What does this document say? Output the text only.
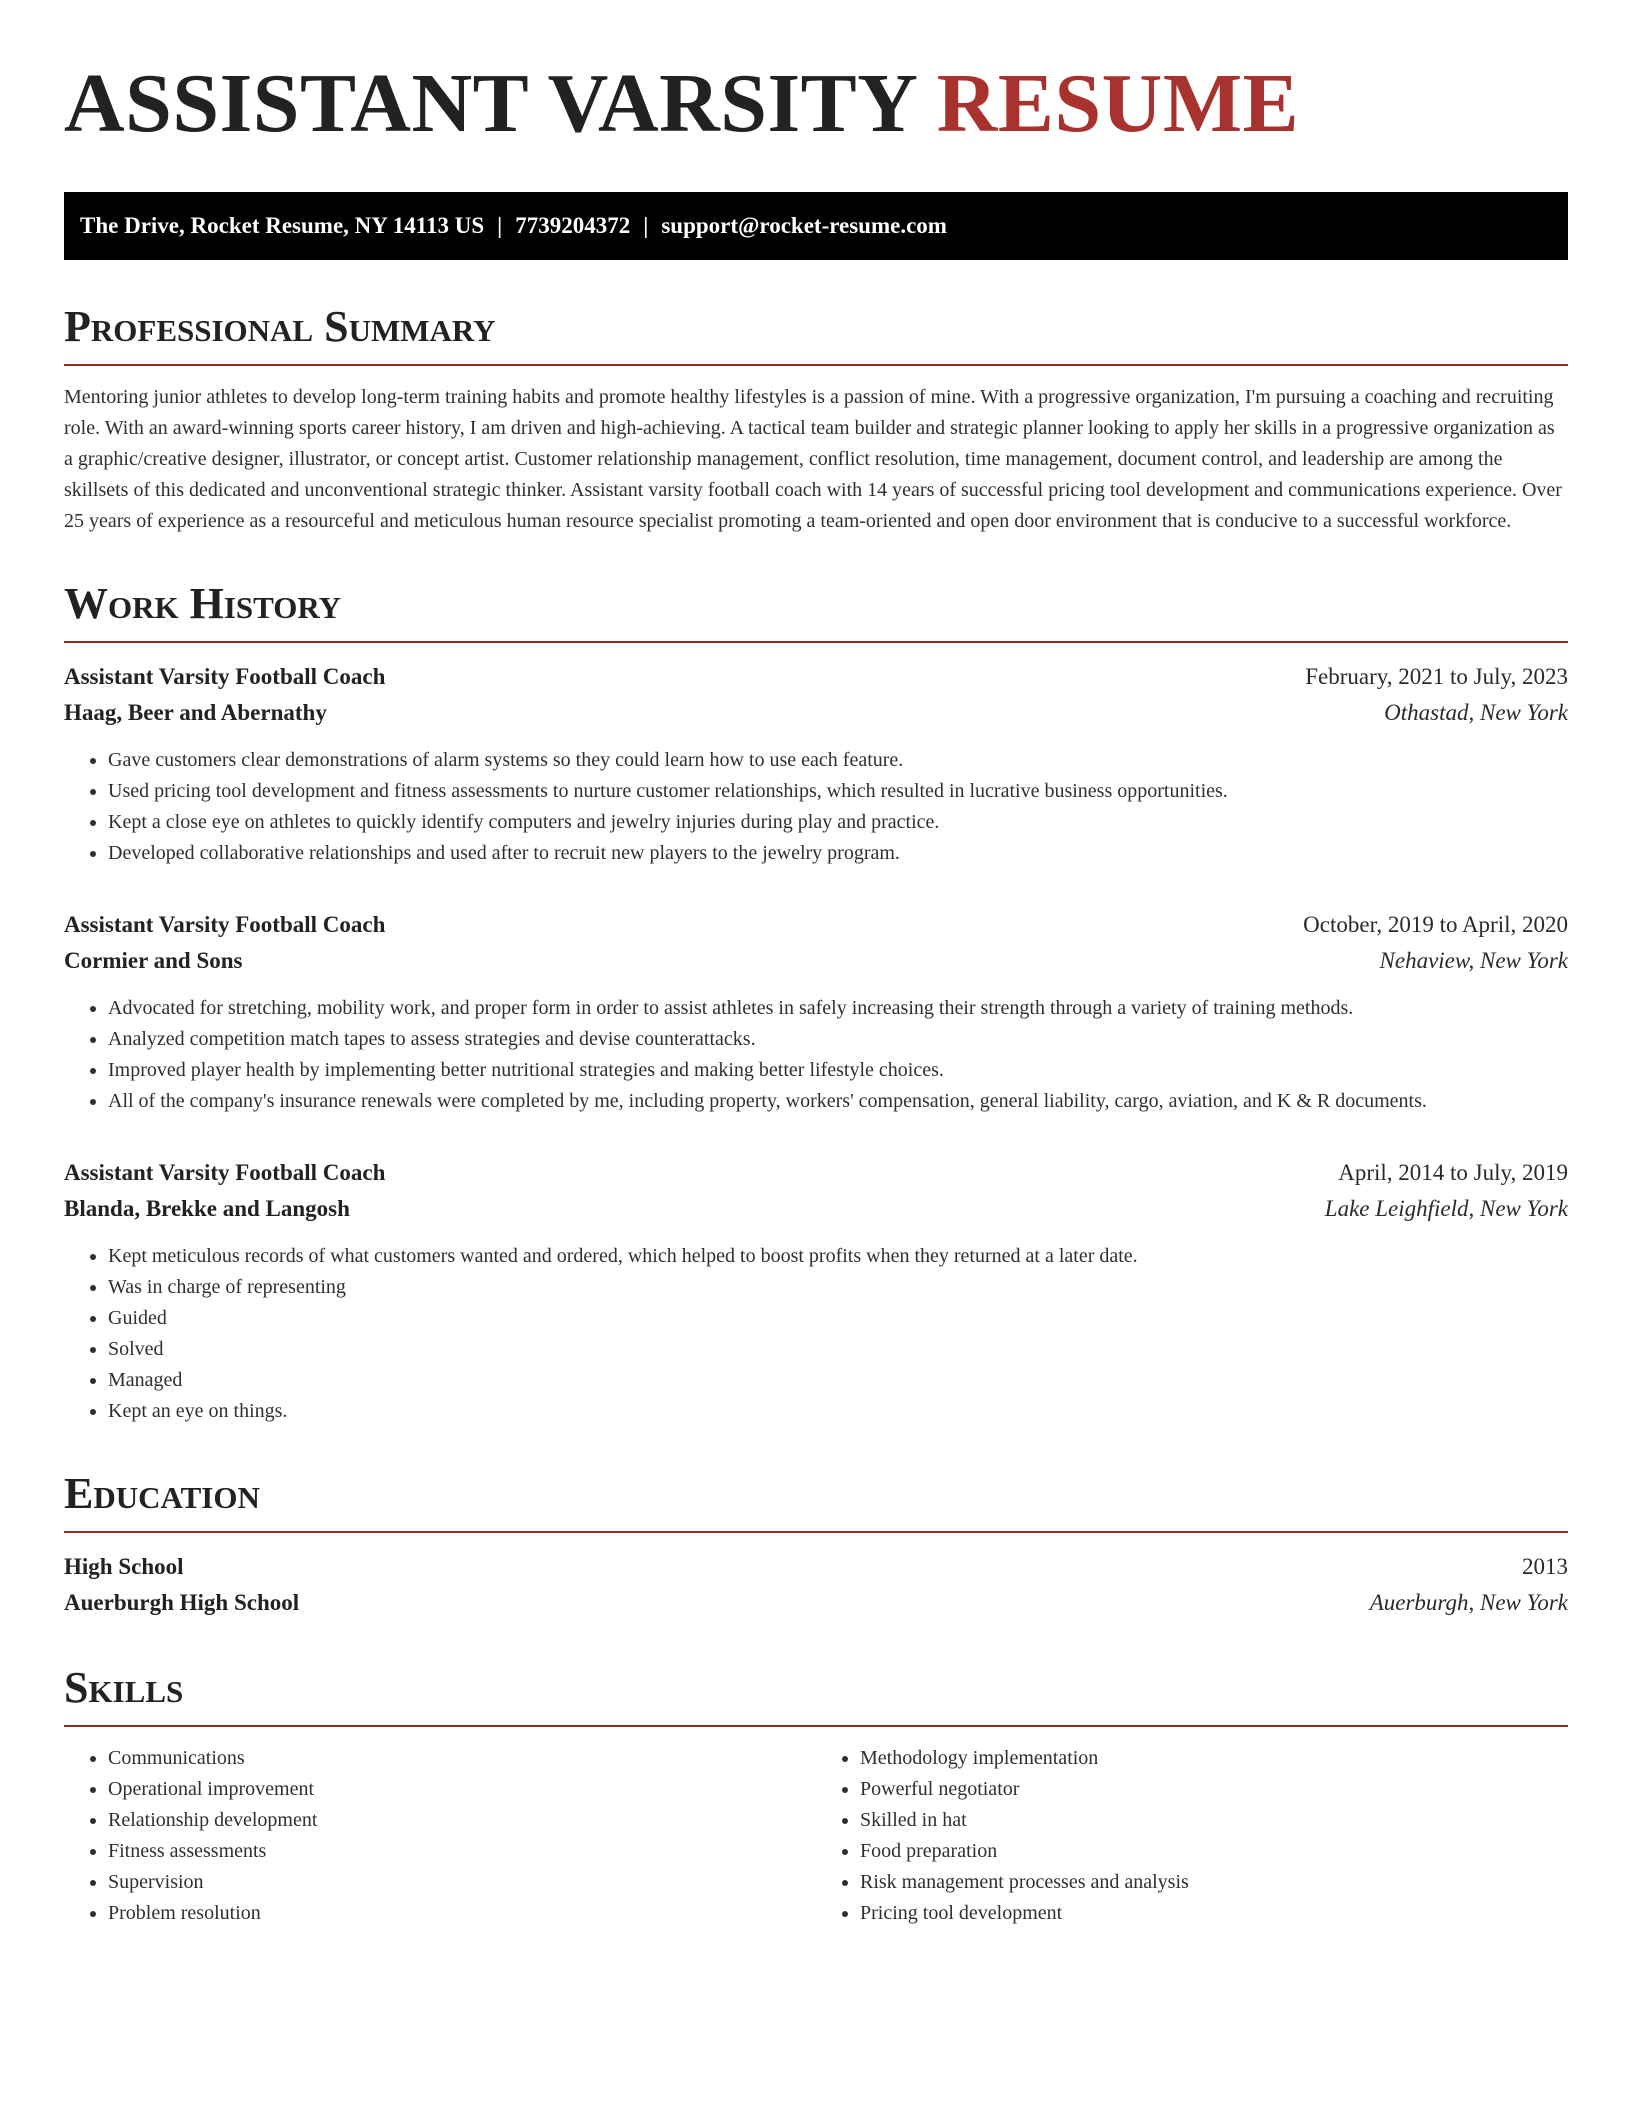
ASSISTANT VARSITY RESUME
The Drive, Rocket Resume, NY 14113 US | 7739204372 | support@rocket-resume.com
Professional Summary

Mentoring junior athletes to develop long-term training habits and promote healthy lifestyles is a passion of mine. With a progressive organization, I'm pursuing a coaching and recruiting role. With an award-winning sports career history, I am driven and high-achieving. A tactical team builder and strategic planner looking to apply her skills in a progressive organization as a graphic/creative designer, illustrator, or concept artist. Customer relationship management, conflict resolution, time management, document control, and leadership are among the skillsets of this dedicated and unconventional strategic thinker. Assistant varsity football coach with 14 years of successful pricing tool development and communications experience. Over 25 years of experience as a resourceful and meticulous human resource specialist promoting a team-oriented and open door environment that is conducive to a successful workforce.

Work History
Assistant Varsity Football Coach	February, 2021 to July, 2023
Haag, Beer and Abernathy	Othastad, New York
• Gave customers clear demonstrations of alarm systems so they could learn how to use each feature.
• Used pricing tool development and fitness assessments to nurture customer relationships, which resulted in lucrative business opportunities.
• Kept a close eye on athletes to quickly identify computers and jewelry injuries during play and practice.
• Developed collaborative relationships and used after to recruit new players to the jewelry program.
Assistant Varsity Football Coach	October, 2019 to April, 2020
Cormier and Sons	Nehaview, New York
• Advocated for stretching, mobility work, and proper form in order to assist athletes in safely increasing their strength through a variety of training methods.
• Analyzed competition match tapes to assess strategies and devise counterattacks.
• Improved player health by implementing better nutritional strategies and making better lifestyle choices.
• All of the company's insurance renewals were completed by me, including property, workers' compensation, general liability, cargo, aviation, and K & R documents.
Assistant Varsity Football Coach	April, 2014 to July, 2019
Blanda, Brekke and Langosh	Lake Leighfield, New York
• Kept meticulous records of what customers wanted and ordered, which helped to boost profits when they returned at a later date.
• Was in charge of representing
• Guided
• Solved
• Managed
• Kept an eye on things.
Education
High School	2013
Auerburgh High School	Auerburgh, New York
Skills
• Communications
• Operational improvement
• Relationship development
• Fitness assessments
• Supervision
• Problem resolution
• Methodology implementation
• Powerful negotiator
• Skilled in hat
• Food preparation
• Risk management processes and analysis
• Pricing tool development
